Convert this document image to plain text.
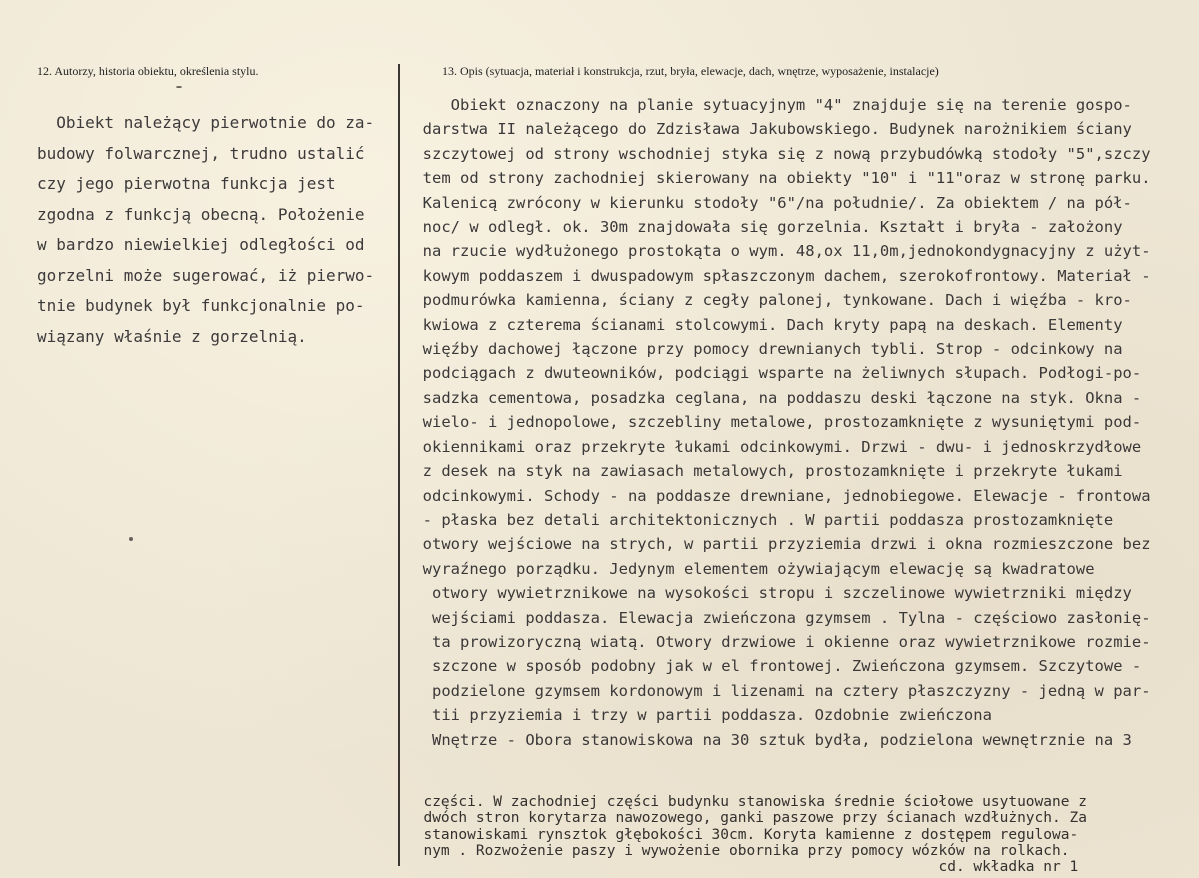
12. Autorzy, historia obiektu, określenia stylu.	13. Opis (sytuacja, materiał i konstrukcja, rzut, bryła, elewacje, dach, wnętrze, wyposażenie, instalacje)
Obiekt należący pierwotnie do za-
budowy folwarcznej, trudno ustalić
czy jego pierwotna funkcja jest
zgodna z funkcją obecną. Położenie
w bardzo niewielkiej odległości od
gorzelni może sugerować, iż pierwo-
tnie budynek był funkcjonalnie po-
wiązany właśnie z gorzelnią.
Obiekt oznaczony na planie sytuacyjnym "4" znajduje się na terenie gospo-
darstwa II należącego do Zdzisława Jakubowskiego. Budynek narożnikiem ściany
szczytowej od strony wschodniej styka się z nową przybudówką stodoły "5",szczy
tem od strony zachodniej skierowany na obiekty "10" i "11"oraz w stronę parku.
Kalenicą zwrócony w kierunku stodoły "6"/na południe/. Za obiektem / na pół-
noc/ w odległ. ok. 30m znajdowała się gorzelnia. Kształt i bryła - założony
na rzucie wydłużonego prostokąta o wym. 48,ox 11,0m,jednokondygnacyjny z użyt-
kowym poddaszem i dwuspadowym spłaszczonym dachem, szerokofrontowy. Materiał -
podmurówka kamienna, ściany z cegły palonej, tynkowane. Dach i więźba - kro-
kwiowa z czterema ścianami stolcowymi. Dach kryty papą na deskach. Elementy
więźby dachowej łączone przy pomocy drewnianych tybli. Strop - odcinkowy na
podciągach z dwuteowników, podciągi wsparte na żeliwnych słupach. Podłogi-po-
sadzka cementowa, posadzka ceglana, na poddaszu deski łączone na styk. Okna -
wielo- i jednopolowe, szczebliny metalowe, prostozamknięte z wysuniętymi pod-
okiennikami oraz przekryte łukami odcinkowymi. Drzwi - dwu- i jednoskrzydłowe
z desek na styk na zawiasach metalowych, prostozamknięte i przekryte łukami
odcinkowymi. Schody - na poddasze drewniane, jednobiegowe. Elewacje - frontowa
- płaska bez detali architektonicznych . W partii poddasza prostozamknięte
otwory wejściowe na strych, w partii przyziemia drzwi i okna rozmieszczone bez
wyraźnego porządku. Jedynym elementem ożywiającym elewację są kwadratowe
otwory wywietrznikowe na wysokości stropu i szczelinowe wywietrzniki między
wejściami poddasza. Elewacja zwieńczona gzymsem . Tylna - częściowo zasłonię-
ta prowizoryczną wiatą. Otwory drzwiowe i okienne oraz wywietrznikowe rozmie-
szczone w sposób podobny jak w el frontowej. Zwieńczona gzymsem. Szczytowe -
podzielone gzymsem kordonowym i lizenami na cztery płaszczyzny - jedną w par-
tii przyziemia i trzy w partii poddasza. Ozdobnie zwieńczona
Wnętrze - Obora stanowiskowa na 30 sztuk bydła, podzielona wewnętrznie na 3
części. W zachodniej części budynku stanowiska średnie ściołowe usytuowane z
dwóch stron korytarza nawozowego, ganki paszowe przy ścianach wzdłużnych. Za
stanowiskami rynsztok głębokości 30cm. Koryta kamienne z dostępem regulowa-
nym . Rozwożenie paszy i wywożenie obornika przy pomocy wózków na rolkach.
cd. wkładka nr 1
